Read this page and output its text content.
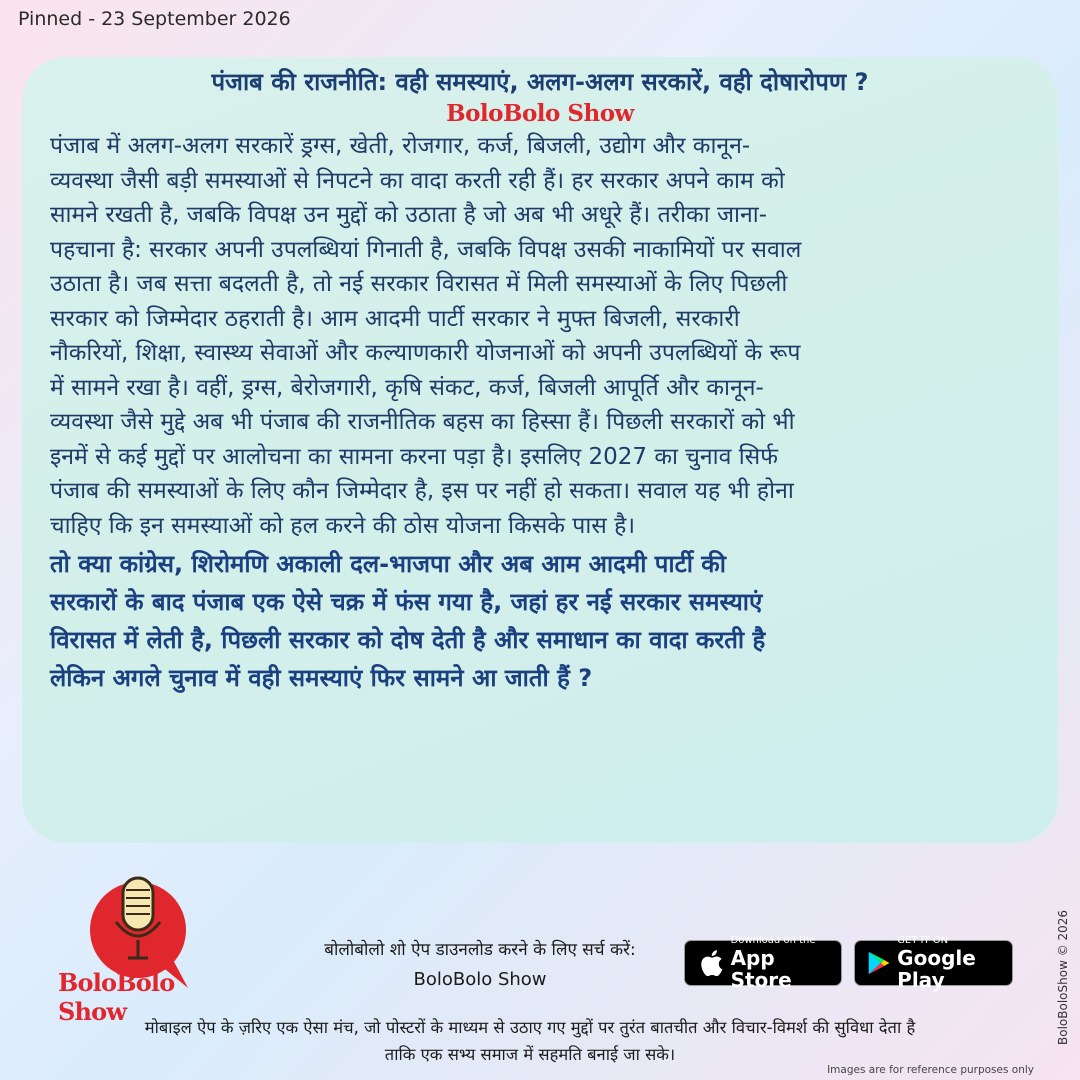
Pinned - 23 September 2026
पंजाब की राजनीति: वही समस्याएं, अलग-अलग सरकारें, वही दोषारोपण ?
BoloBolo Show
पंजाब में अलग-अलग सरकारें ड्रग्स, खेती, रोजगार, कर्ज, बिजली, उद्योग और कानून-
व्यवस्था जैसी बड़ी समस्याओं से निपटने का वादा करती रही हैं। हर सरकार अपने काम को
सामने रखती है, जबकि विपक्ष उन मुद्दों को उठाता है जो अब भी अधूरे हैं। तरीका जाना-
पहचाना है: सरकार अपनी उपलब्धियां गिनाती है, जबकि विपक्ष उसकी नाकामियों पर सवाल
उठाता है। जब सत्ता बदलती है, तो नई सरकार विरासत में मिली समस्याओं के लिए पिछली
सरकार को जिम्मेदार ठहराती है। आम आदमी पार्टी सरकार ने मुफ्त बिजली, सरकारी
नौकरियों, शिक्षा, स्वास्थ्य सेवाओं और कल्याणकारी योजनाओं को अपनी उपलब्धियों के रूप
में सामने रखा है। वहीं, ड्रग्स, बेरोजगारी, कृषि संकट, कर्ज, बिजली आपूर्ति और कानून-
व्यवस्था जैसे मुद्दे अब भी पंजाब की राजनीतिक बहस का हिस्सा हैं। पिछली सरकारों को भी
इनमें से कई मुद्दों पर आलोचना का सामना करना पड़ा है। इसलिए 2027 का चुनाव सिर्फ
पंजाब की समस्याओं के लिए कौन जिम्मेदार है, इस पर नहीं हो सकता। सवाल यह भी होना
चाहिए कि इन समस्याओं को हल करने की ठोस योजना किसके पास है।
तो क्या कांग्रेस, शिरोमणि अकाली दल-भाजपा और अब आम आदमी पार्टी की
सरकारों के बाद पंजाब एक ऐसे चक्र में फंस गया है, जहां हर नई सरकार समस्याएं
विरासत में लेती है, पिछली सरकार को दोष देती है और समाधान का वादा करती है
लेकिन अगले चुनाव में वही समस्याएं फिर सामने आ जाती हैं ?
BoloBolo Show
बोलोबोलो शो ऐप डाउनलोड करने के लिए सर्च करें:
BoloBolo Show
Download on the
App Store
GET IT ON
Google Play
मोबाइल ऐप के ज़रिए एक ऐसा मंच, जो पोस्टरों के माध्यम से उठाए गए मुद्दों पर तुरंत बातचीत और विचार-विमर्श की सुविधा देता है
ताकि एक सभ्य समाज में सहमति बनाई जा सके।
BoloBoloShow © 2026
Images are for reference purposes only
